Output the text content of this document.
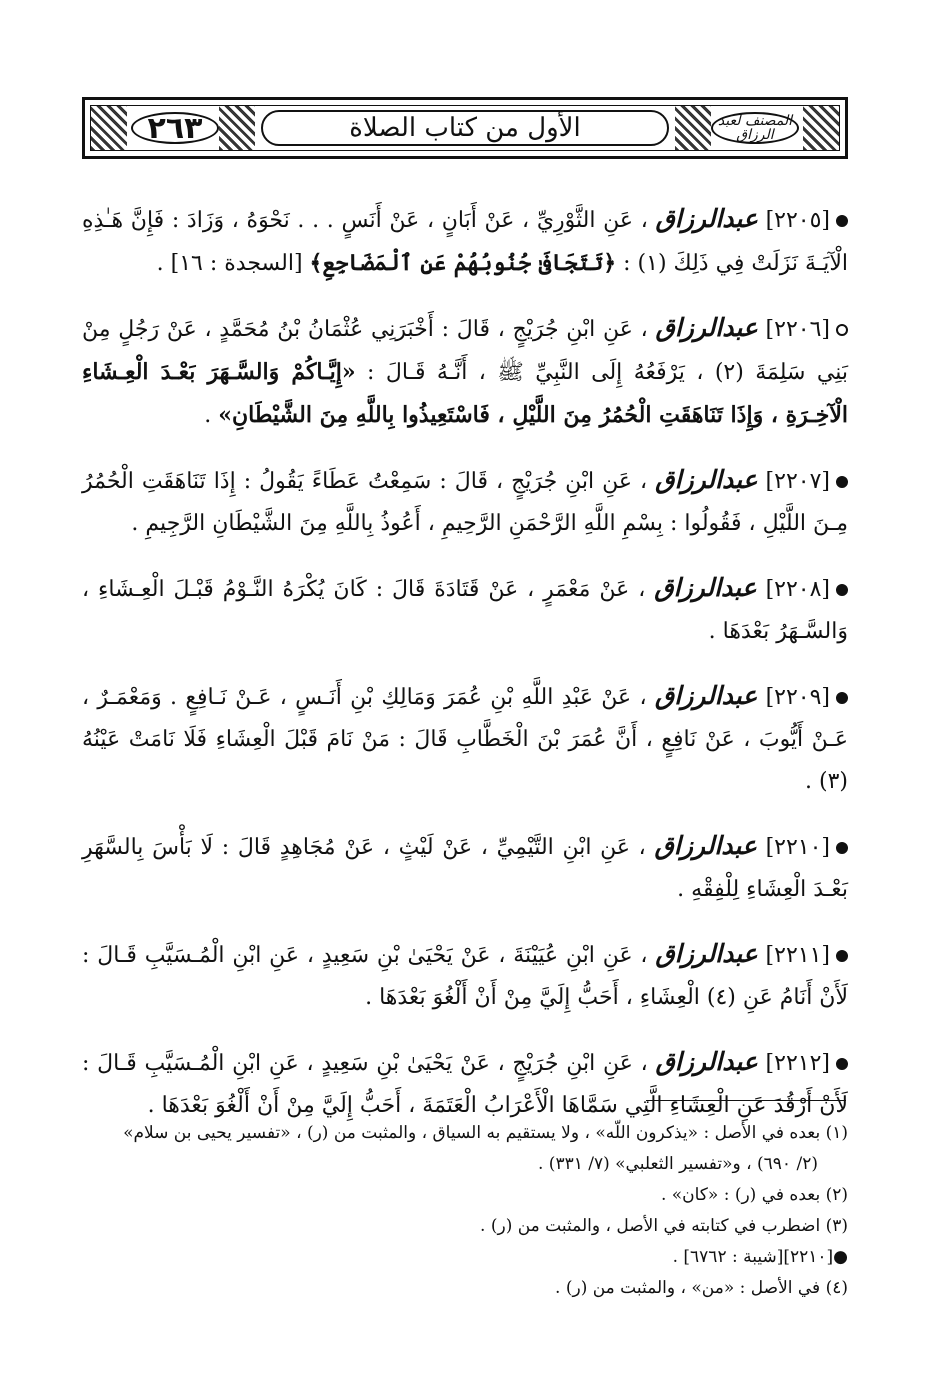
٢٦٣	المصنف لعبد الرزاق
الأول من كتاب الصلاة

[٢٢٠٥] عبدالرزاق ، عَنِ الثَّوْرِيِّ ، عَنْ أَبَانٍ ، عَنْ أَنَسٍ . . . نَحْوَهُ ، وَزَادَ : فَإِنَّ هَـٰذِهِ الْآيَـةَ نَزَلَتْ فِي ذَلِكَ (١) : ﴿تَتَجَافَىٰ جُنُوبُهُمْ عَنِ ٱلْمَضَاجِعِ﴾ [السجدة : ١٦] .

[٢٢٠٦] عبدالرزاق ، عَنِ ابْنِ جُرَيْجٍ ، قَالَ : أَخْبَرَنِي عُثْمَانُ بْنُ مُحَمَّدٍ ، عَنْ رَجُلٍ مِنْ بَنِي سَلِمَةَ (٢) ، يَرْفَعُهُ إِلَى النَّبِيِّ ﷺ ، أَنَّـهُ قَـالَ : «إِيَّـاكُمْ وَالسَّـهَرَ بَعْـدَ الْعِـشَاءِ الْآخِـرَةِ ، وَإِذَا تَنَاهَقَتِ الْحُمُرُ مِنَ اللَّيْلِ ، فَاسْتَعِيذُوا بِاللَّهِ مِنَ الشَّيْطَانِ» .

[٢٢٠٧] عبدالرزاق ، عَنِ ابْنِ جُرَيْجٍ ، قَالَ : سَمِعْتُ عَطَاءً يَقُولُ : إِذَا تَنَاهَقَتِ الْحُمُرُ مِـنَ اللَّيْلِ ، فَقُولُوا : بِسْمِ اللَّهِ الرَّحْمَنِ الرَّحِيمِ ، أَعُوذُ بِاللَّهِ مِنَ الشَّيْطَانِ الرَّجِيمِ .

[٢٢٠٨] عبدالرزاق ، عَنْ مَعْمَرٍ ، عَنْ قَتَادَةَ قَالَ : كَانَ يُكْرَهُ النَّـوْمُ قَبْـلَ الْعِـشَاءِ ، وَالسَّـهَرُ بَعْدَهَا .

[٢٢٠٩] عبدالرزاق ، عَنْ عَبْدِ اللَّهِ بْنِ عُمَرَ وَمَالِكِ بْنِ أَنَـسٍ ، عَـنْ نَـافِعٍ . وَمَعْمَـرٌ ، عَـنْ أَيُّوبَ ، عَنْ نَافِعٍ ، أَنَّ عُمَرَ بْنَ الْخَطَّابِ قَالَ : مَنْ نَامَ قَبْلَ الْعِشَاءِ فَلَا نَامَتْ عَيْنُهُ (٣) .

[٢٢١٠] عبدالرزاق ، عَنِ ابْنِ التَّيْمِيِّ ، عَنْ لَيْثٍ ، عَنْ مُجَاهِدٍ قَالَ : لَا بَأْسَ بِالسَّهَرِ بَعْـدَ الْعِشَاءِ لِلْفِقْهِ .

[٢٢١١] عبدالرزاق ، عَنِ ابْنِ عُيَيْنَةَ ، عَنْ يَحْيَىٰ بْنِ سَعِيدٍ ، عَنِ ابْنِ الْمُـسَيَّبِ قَـالَ : لَأَنْ أَنَامُ عَنِ (٤) الْعِشَاءِ ، أَحَبُّ إِلَيَّ مِنْ أَنْ أَلْغُوَ بَعْدَهَا .

[٢٢١٢] عبدالرزاق ، عَنِ ابْنِ جُرَيْجٍ ، عَنْ يَحْيَىٰ بْنِ سَعِيدٍ ، عَنِ ابْنِ الْمُـسَيَّبِ قَـالَ : لَأَنْ أَرْقُدَ عَنِ الْعِشَاءِ الَّتِي سَمَّاهَا الْأَعْرَابُ الْعَتَمَةَ ، أَحَبُّ إِلَيَّ مِنْ أَنْ أَلْغُوَ بَعْدَهَا .

(١) بعده في الأصل : «يذكرون اللّه» ، ولا يستقيم به السياق ، والمثبت من (ر) ، «تفسير يحيى بن سلام»

(٢/ ٦٩٠) ، و«تفسير الثعلبي» (٧/ ٣٣١) .

(٢) بعده في (ر) : «كان» .

(٣) اضطرب في كتابته في الأصل ، والمثبت من (ر) .

●[٢٢١٠][شيبة : ٦٧٦٢] .

(٤) في الأصل : «من» ، والمثبت من (ر) .
